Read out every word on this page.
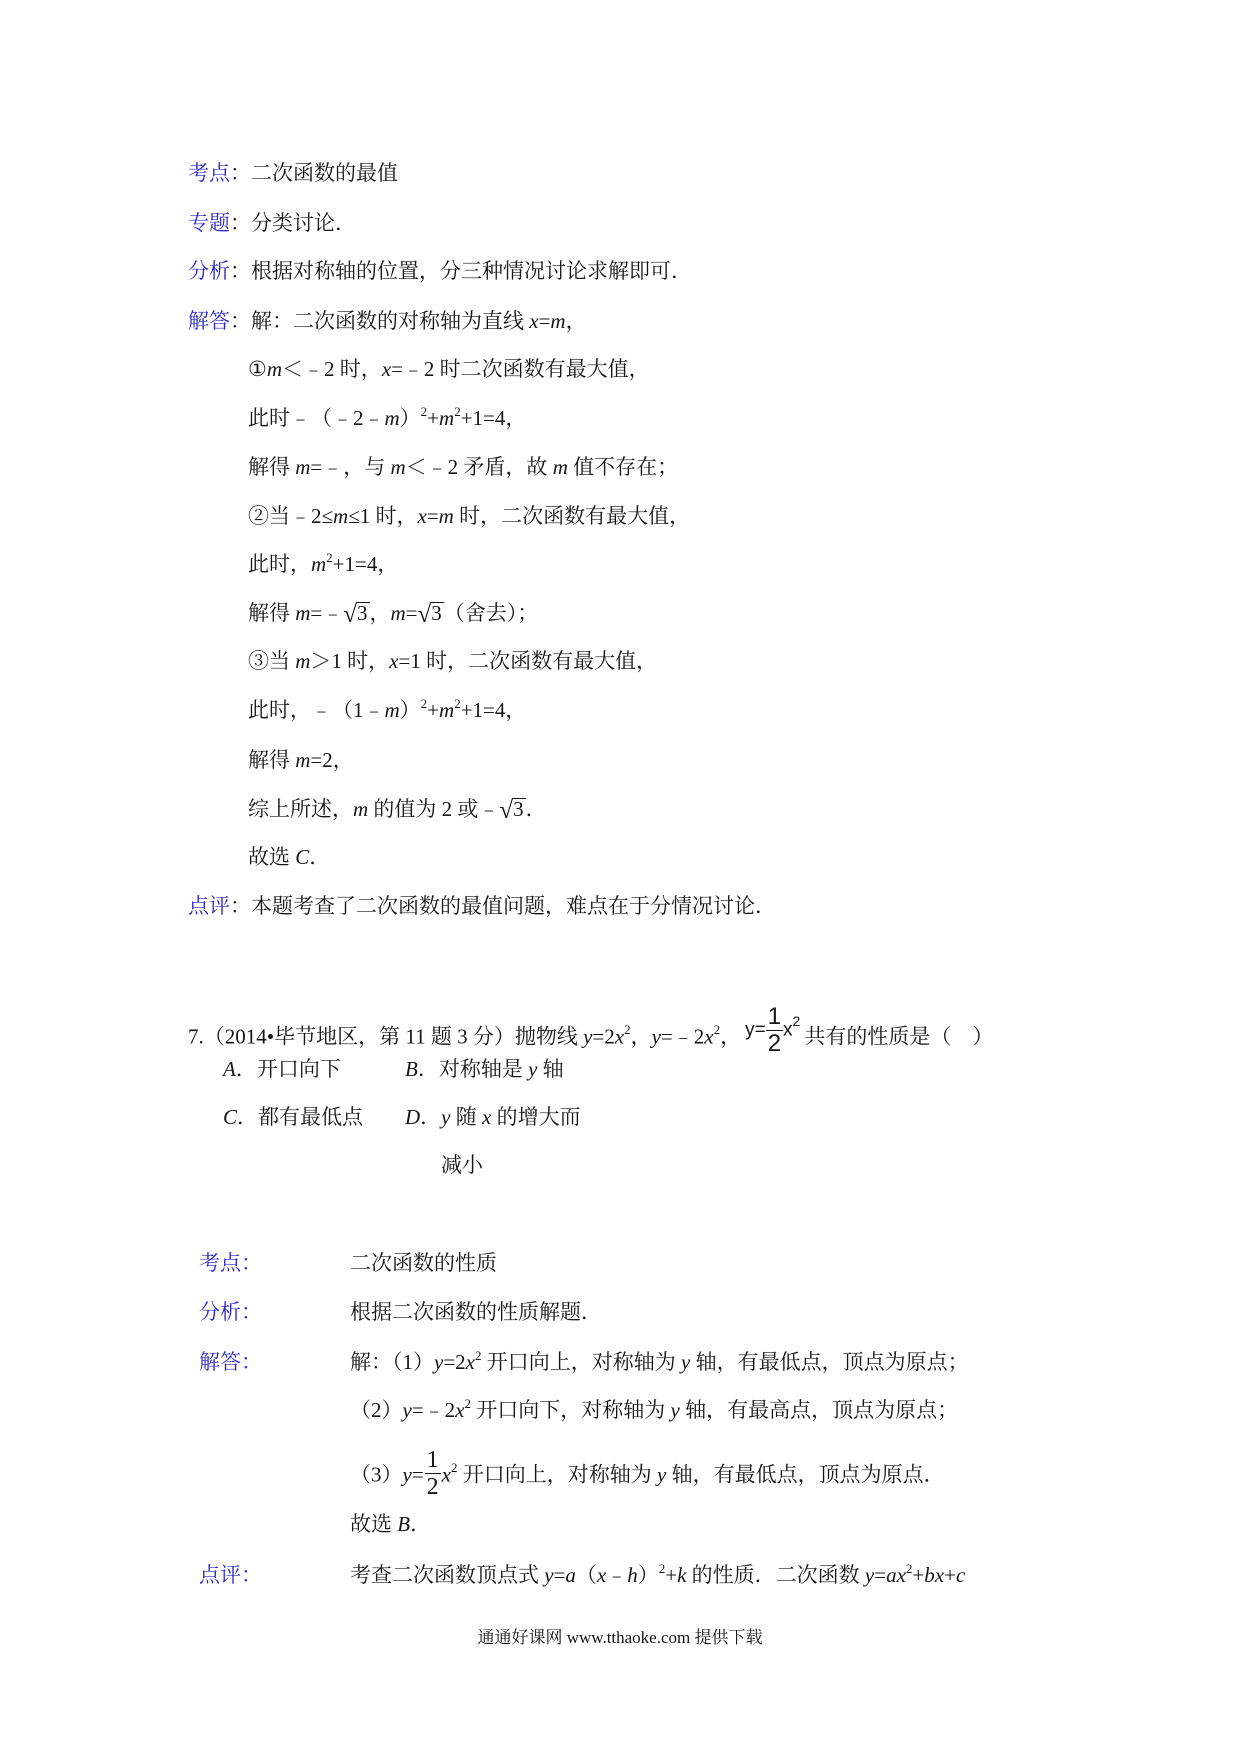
考点：二次函数的最值
专题：分类讨论．
分析：根据对称轴的位置，分三种情况讨论求解即可．
解答：解：二次函数的对称轴为直线 x=m，
①m＜﹣2 时，x=﹣2 时二次函数有最大值，
此时$﹣(﹣2﹣m)^2+m^2+1=4$，
解得 m=﹣，与 m＜﹣2 矛盾，故 m 值不存在；
②当﹣2≤m≤1 时，x=m 时，二次函数有最大值，
此时，$m^2+1=4$，
解得 m=﹣√3，m=√3（舍去）；
③当 m＞1 时，x=1 时，二次函数有最大值，
此时，$﹣(1﹣m)^2+m^2+1=4$，
解得 m=2，
综上所述，m 的值为 2 或﹣√3．
故选 C．
点评：本题考查了二次函数的最值问题，难点在于分情况讨论．
7.（2014•毕节地区，第 11 题 3 分）抛物线 $y=2x^2$，$y=﹣2x^2$， $y= \frac{1}{2} x^2$共有的性质是（　）
A．开口向下	B．对称轴是 y 轴
C．都有最低点 D．y 随 x 的增大而
减小
考点：	二次函数的性质
分析：	根据二次函数的性质解题．
解答：	解：$(1)y=2x^2$ 开口向上，对称轴为 y 轴，有最低点，顶点为原点；
$(2)y=﹣2x^2$ 开口向下，对称轴为 y 轴，有最高点，顶点为原点；
$(3)y= \frac{1}{2} x^2$ 开口向上，对称轴为 y 轴，有最低点，顶点为原点．
故选 B．
点评：	考查二次函数顶点式 y=a（x﹣h）$^2$+k 的性质．二次函数 $y=ax^2+bx+c$
通通好课网 www.tthaoke.com 提供下载
